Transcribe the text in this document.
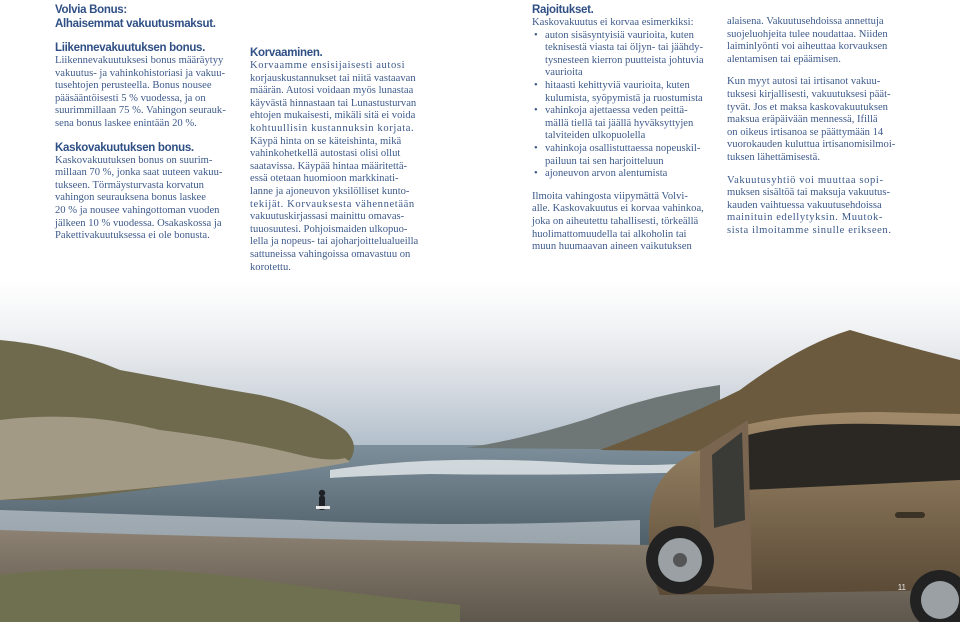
Volvia Bonus:
Alhaisemmat vakuutusmaksut.
Liikennevakuutuksen bonus.
Liikennevakuutuksesi bonus määräytyy
vakuutus- ja vahinkohistoriasi ja vakuu-
tusehtojen perusteella. Bonus nousee
pääsääntöisesti 5 % vuodessa, ja on
suurimmillaan 75 %. Vahingon seurauk-
sena bonus laskee enintään 20 %.
Kaskovakuutuksen bonus.
Kaskovakuutuksen bonus on suurim-
millaan 70 %, jonka saat uuteen vakuu-
tukseen. Törmäysturvasta korvatun
vahingon seurauksena bonus laskee
20 % ja nousee vahingottoman vuoden
jälkeen 10 % vuodessa. Osakaskossa ja
Pakettivakuutuksessa ei ole bonusta.
Korvaaminen.
Korvaamme ensisijaisesti autosi
korjauskustannukset tai niitä vastaavan
määrän. Autosi voidaan myös lunastaa
käyvästä hinnastaan tai Lunastusturvan
ehtojen mukaisesti, mikäli sitä ei voida
kohtuullisin kustannuksin korjata.
Käypä hinta on se käteishinta, mikä
vahinkohetkellä autostasi olisi ollut
saatavissa. Käypää hintaa määritettä-
essä otetaan huomioon markkinati-
lanne ja ajoneuvon yksilölliset kunto-
tekijät. Korvauksesta vähennetään
vakuutuskirjassasi mainittu omavas-
tuuosuutesi. Pohjoismaiden ulkopuo-
lella ja nopeus- tai ajoharjoittelualueilla
sattuneissa vahingoissa omavastuu on
korotettu.
Rajoitukset.
Kaskovakuutus ei korvaa esimerkiksi:
• auton sisäsyntyisiä vaurioita, kuten
teknisestä viasta tai öljyn- tai jäähdy-
tysnesteen kierron puutteista johtuvia
vaurioita
• hitaasti kehittyviä vaurioita, kuten
kulumista, syöpymistä ja ruostumista
• vahinkoja ajettaessa veden peittä-
mällä tiellä tai jäällä hyväksyttyjen
talviteiden ulkopuolella
• vahinkoja osallistuttaessa nopeuskil-
pailuun tai sen harjoitteluun
• ajoneuvon arvon alentumista
Ilmoita vahingosta viipymättä Volvi-
alle. Kaskovakuutus ei korvaa vahinkoa,
joka on aiheutettu tahallisesti, törkeällä
huolimattomuudella tai alkoholin tai
muun huumaavan aineen vaikutuksen
alaisena. Vakuutusehdoissa annettuja
suojeluohjeita tulee noudattaa. Niiden
laiminlyönti voi aiheuttaa korvauksen
alentamisen tai epäämisen.
Kun myyt autosi tai irtisanot vakuu-
tuksesi kirjallisesti, vakuutuksesi päät-
tyvät. Jos et maksa kaskovakuutuksen
maksua eräpäivään mennessä, Ifillä
on oikeus irtisanoa se päättymään 14
vuorokauden kuluttua irtisanomisilmoi-
tuksen lähettämisestä.
Vakuutusyhtiö voi muuttaa sopi-
muksen sisältöä tai maksuja vakuutus-
kauden vaihtuessa vakuutusehdoissa
mainituin edellytyksin. Muutok-
sista ilmoitamme sinulle erikseen.
11
